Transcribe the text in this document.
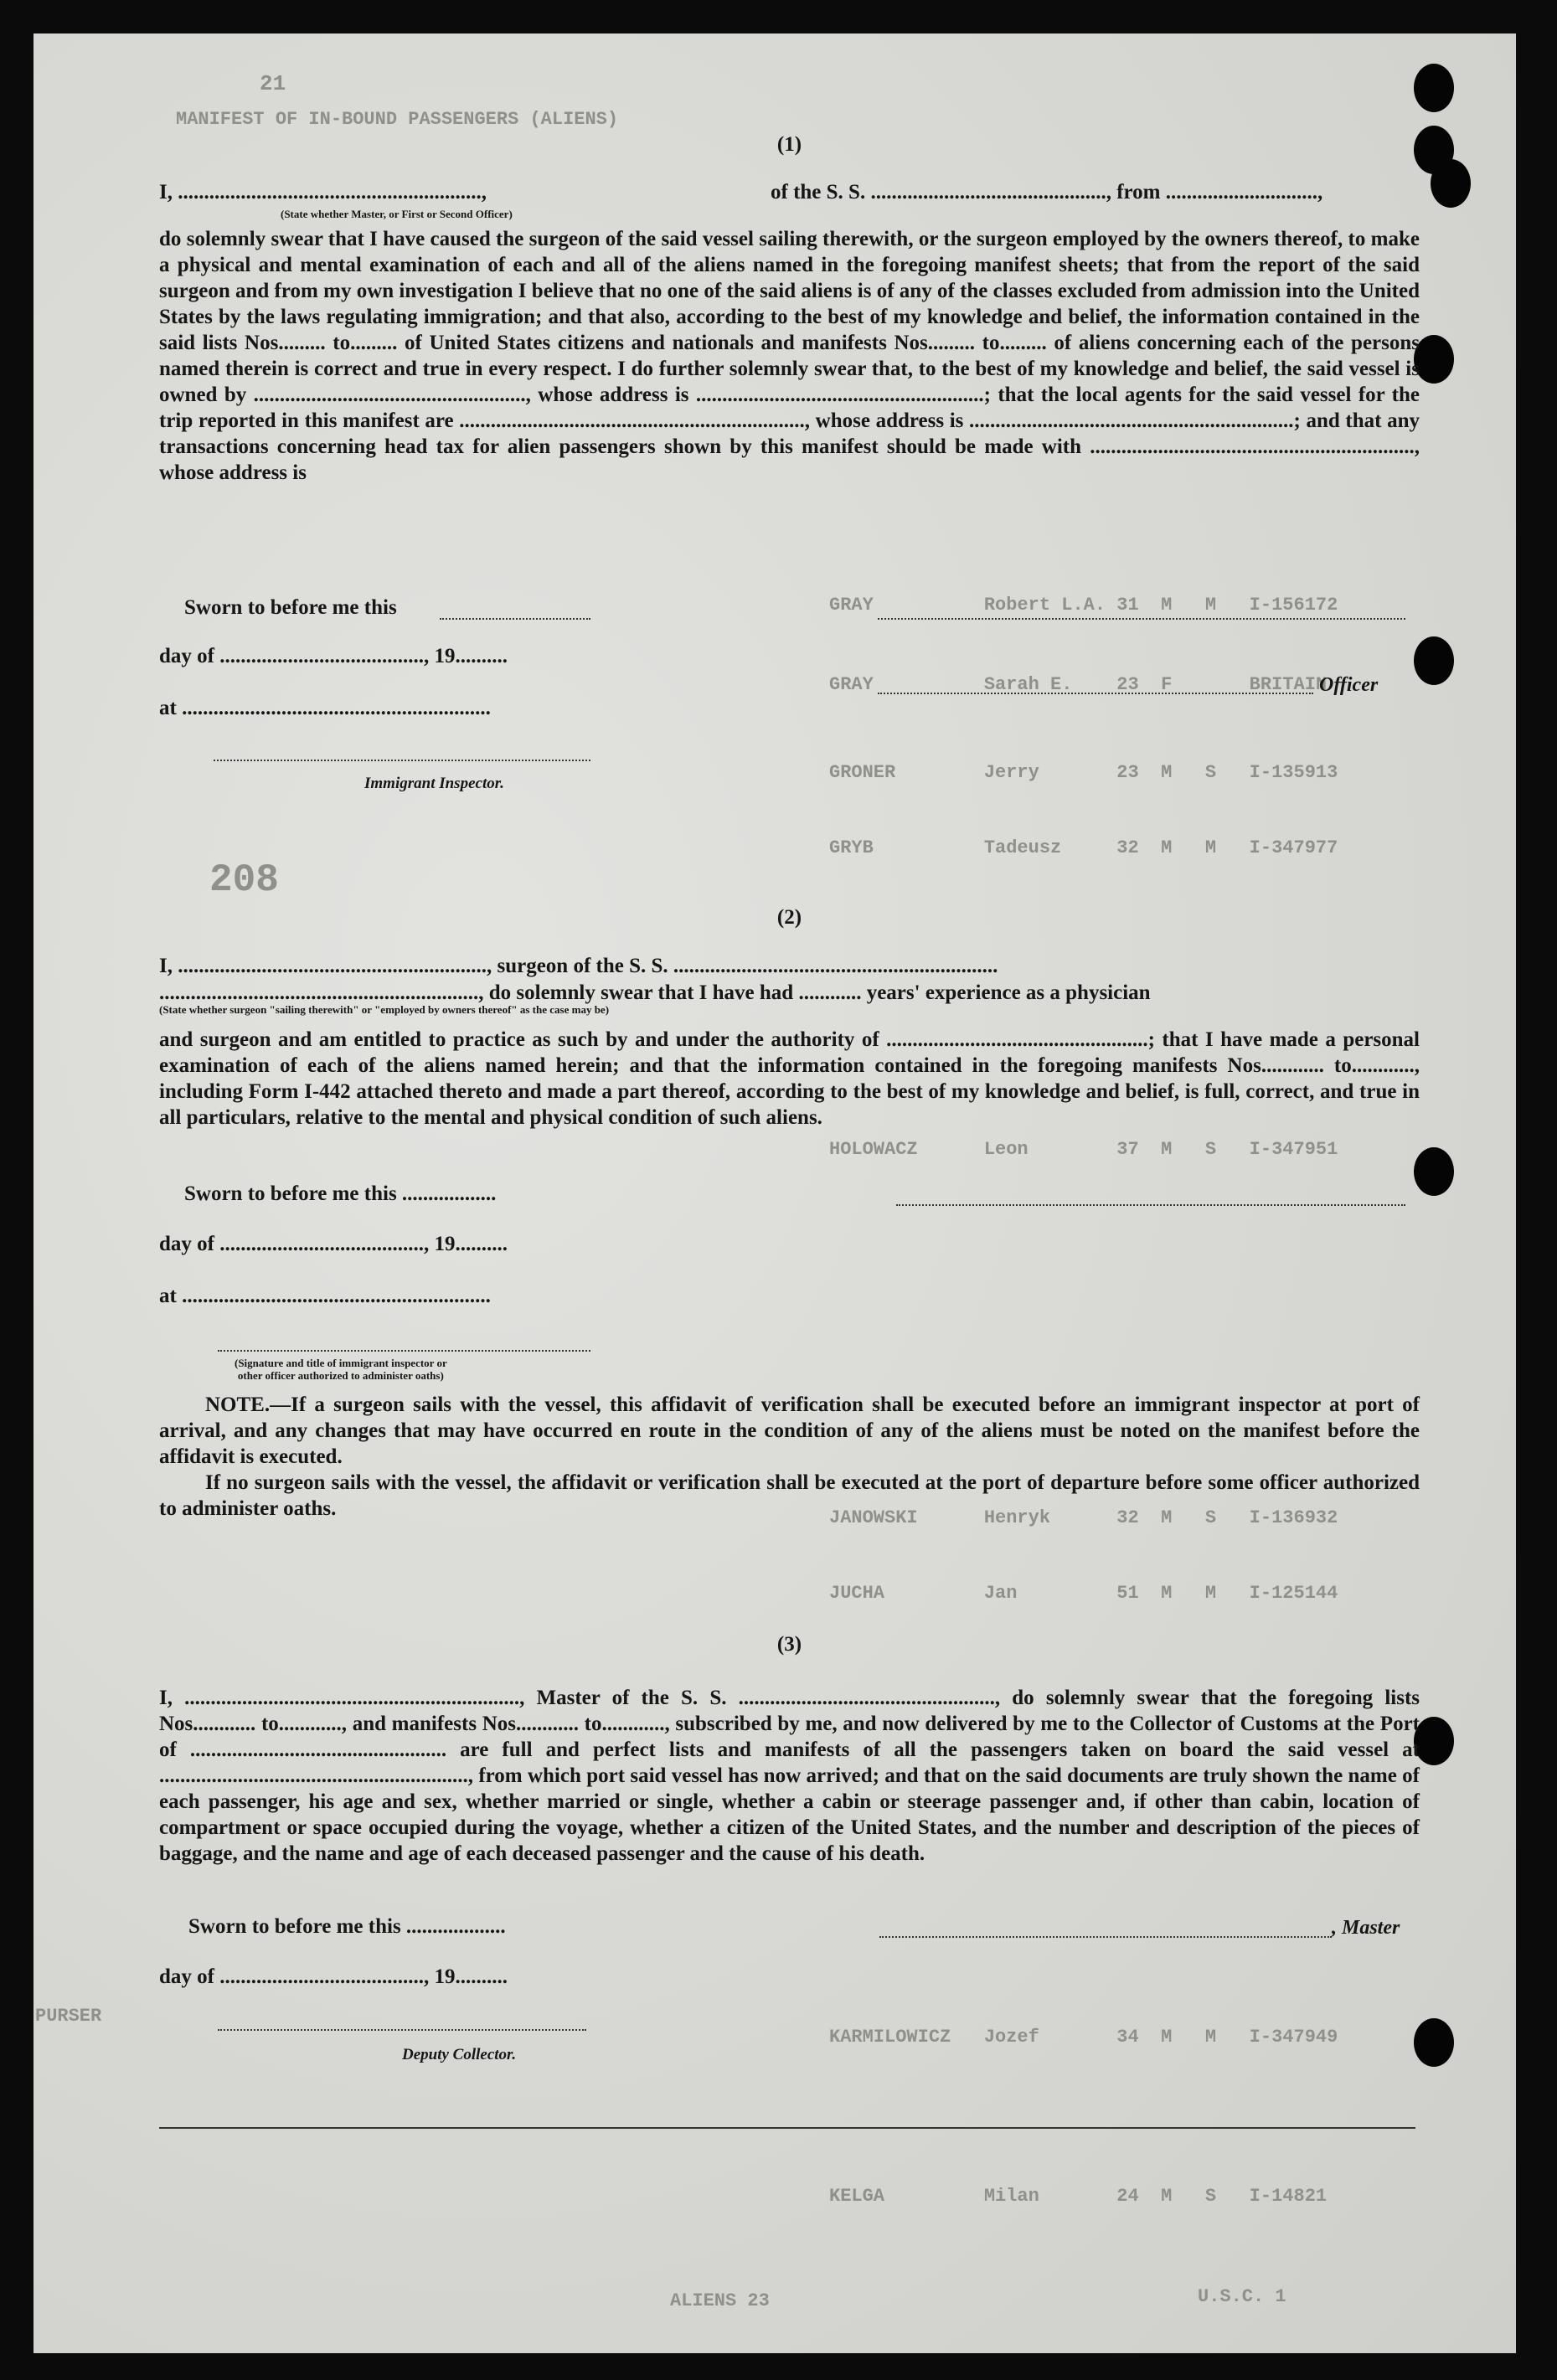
21
MANIFEST OF IN-BOUND PASSENGERS (ALIENS)
GRAY          Robert L.A. 31  M   M   I-156172
GRAY          Sarah E.    23  F       BRITAIN
GRONER        Jerry       23  M   S   I-135913
GRYB          Tadeusz     32  M   M   I-347977
HOLOWACZ      Leon        37  M   S   I-347951
JANOWSKI      Henryk      32  M   S   I-136932
JUCHA         Jan         51  M   M   I-125144
KARMILOWICZ   Jozef       34  M   M   I-347949
KELGA         Milan       24  M   S   I-14821
208
PURSER
U.S.C. 1
ALIENS 23
(1)
I, ..........................................................,	of the S. S. ............................................., from .............................,
(State whether Master, or First or Second Officer)
do solemnly swear that I have caused the surgeon of the said vessel sailing therewith, or the surgeon employed by the owners thereof, to make a physical and mental examination of each and all of the aliens named in the foregoing manifest sheets; that from the report of the said surgeon and from my own investigation I believe that no one of the said aliens is of any of the classes excluded from admission into the United States by the laws regulating immigration; and that also, according to the best of my knowledge and belief, the information contained in the said lists Nos......... to......... of United States citizens and nationals and manifests Nos......... to......... of aliens concerning each of the persons named therein is correct and true in every respect. I do further solemnly swear that, to the best of my knowledge and belief, the said vessel is owned by ...................................................., whose address is .......................................................; that the local agents for the said vessel for the trip reported in this manifest are .................................................................., whose address is ..............................................................; and that any transactions concerning head tax for alien passengers shown by this manifest should be made with .............................................................., whose address is
Sworn to before me this
day of ......................................., 19..........
Officer
at ...........................................................
Immigrant Inspector.
(2)
I, ..........................................................., surgeon of the S. S. ..............................................................
............................................................., do solemnly swear that I have had ............ years' experience as a physician
(State whether surgeon "sailing therewith" or "employed by owners thereof" as the case may be)
and surgeon and am entitled to practice as such by and under the authority of ..................................................; that I have made a personal examination of each of the aliens named herein; and that the information contained in the foregoing manifests Nos............ to............, including Form I-442 attached thereto and made a part thereof, according to the best of my knowledge and belief, is full, correct, and true in all particulars, relative to the mental and physical condition of such aliens.
Sworn to before me this ..................
day of ......................................., 19..........
at ...........................................................
(Signature and title of immigrant inspector or
other officer authorized to administer oaths)
NOTE.—If a surgeon sails with the vessel, this affidavit of verification shall be executed before an immigrant inspector at port of arrival, and any changes that may have occurred en route in the condition of any of the aliens must be noted on the manifest before the affidavit is executed.
If no surgeon sails with the vessel, the affidavit or verification shall be executed at the port of departure before some officer authorized to administer oaths.
(3)
I, ................................................................, Master of the S. S. ................................................., do solemnly swear that the foregoing lists Nos............ to............, and manifests Nos............ to............, subscribed by me, and now delivered by me to the Collector of Customs at the Port of ................................................. are full and perfect lists and manifests of all the passengers taken on board the said vessel at ..........................................................., from which port said vessel has now arrived; and that on the said documents are truly shown the name of each passenger, his age and sex, whether married or single, whether a cabin or steerage passenger and, if other than cabin, location of compartment or space occupied during the voyage, whether a citizen of the United States, and the number and description of the pieces of baggage, and the name and age of each deceased passenger and the cause of his death.
Sworn to before me this ...................	, Master
day of ......................................., 19..........
Deputy Collector.
